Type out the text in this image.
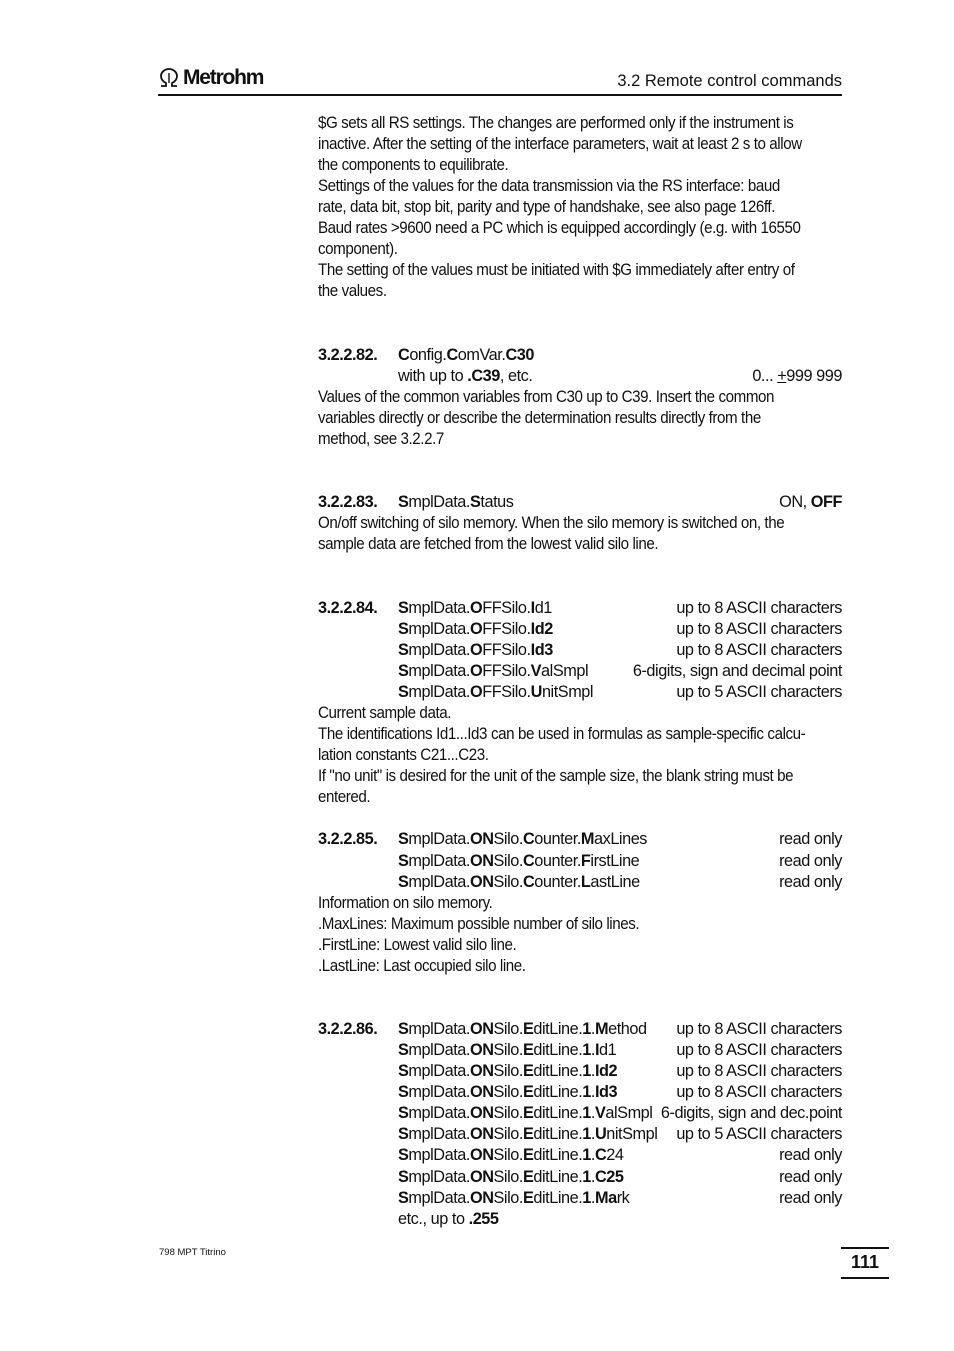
Metrohm	3.2 Remote control commands

$G sets all RS settings. The changes are performed only if the instrument is inactive. After the setting of the interface parameters, wait at least 2 s to allow the components to equilibrate.

Settings of the values for the data transmission via the RS interface: baud rate, data bit, stop bit, parity and type of handshake, see also page 126ff.

Baud rates >9600 need a PC which is equipped accordingly (e.g. with 16550 component).

The setting of the values must be initiated with $G immediately after entry of the values.

3.2.2.82. Config.ComVar.C30
with up to .C39, etc.	0... +999 999
Values of the common variables from C30 up to C39. Insert the common variables directly or describe the determination results directly from the method, see 3.2.2.7
3.2.2.83. SmplData.Status	ON, OFF
On/off switching of silo memory. When the silo memory is switched on, the sample data are fetched from the lowest valid silo line.
3.2.2.84. SmplData.OFFSilo.Id1	up to 8 ASCII characters
SmplData.OFFSilo.Id2	up to 8 ASCII characters
SmplData.OFFSilo.Id3	up to 8 ASCII characters
SmplData.OFFSilo.ValSmpl	6-digits, sign and decimal point
SmplData.OFFSilo.UnitSmpl	up to 5 ASCII characters

Current sample data.

The identifications Id1...Id3 can be used in formulas as sample-specific calcu-lation constants C21...C23.

If "no unit" is desired for the unit of the sample size, the blank string must be entered.

3.2.2.85. SmplData.ONSilo.Counter.MaxLines	read only
SmplData.ONSilo.Counter.FirstLine	read only
SmplData.ONSilo.Counter.LastLine	read only

Information on silo memory.

.MaxLines: Maximum possible number of silo lines.

.FirstLine: Lowest valid silo line.

.LastLine: Last occupied silo line.

3.2.2.86. SmplData.ONSilo.EditLine.1.Method up to 8 ASCII characters
SmplData.ONSilo.EditLine.1.Id1	up to 8 ASCII characters
SmplData.ONSilo.EditLine.1.Id2	up to 8 ASCII characters
SmplData.ONSilo.EditLine.1.Id3	up to 8 ASCII characters
SmplData.ONSilo.EditLine.1.ValSmpl 6-digits, sign and dec.point
SmplData.ONSilo.EditLine.1.UnitSmpl up to 5 ASCII characters
SmplData.ONSilo.EditLine.1.C24	read only
SmplData.ONSilo.EditLine.1.C25	read only
SmplData.ONSilo.EditLine.1.Mark	read only
etc., up to .255
798 MPT Titrino	111
